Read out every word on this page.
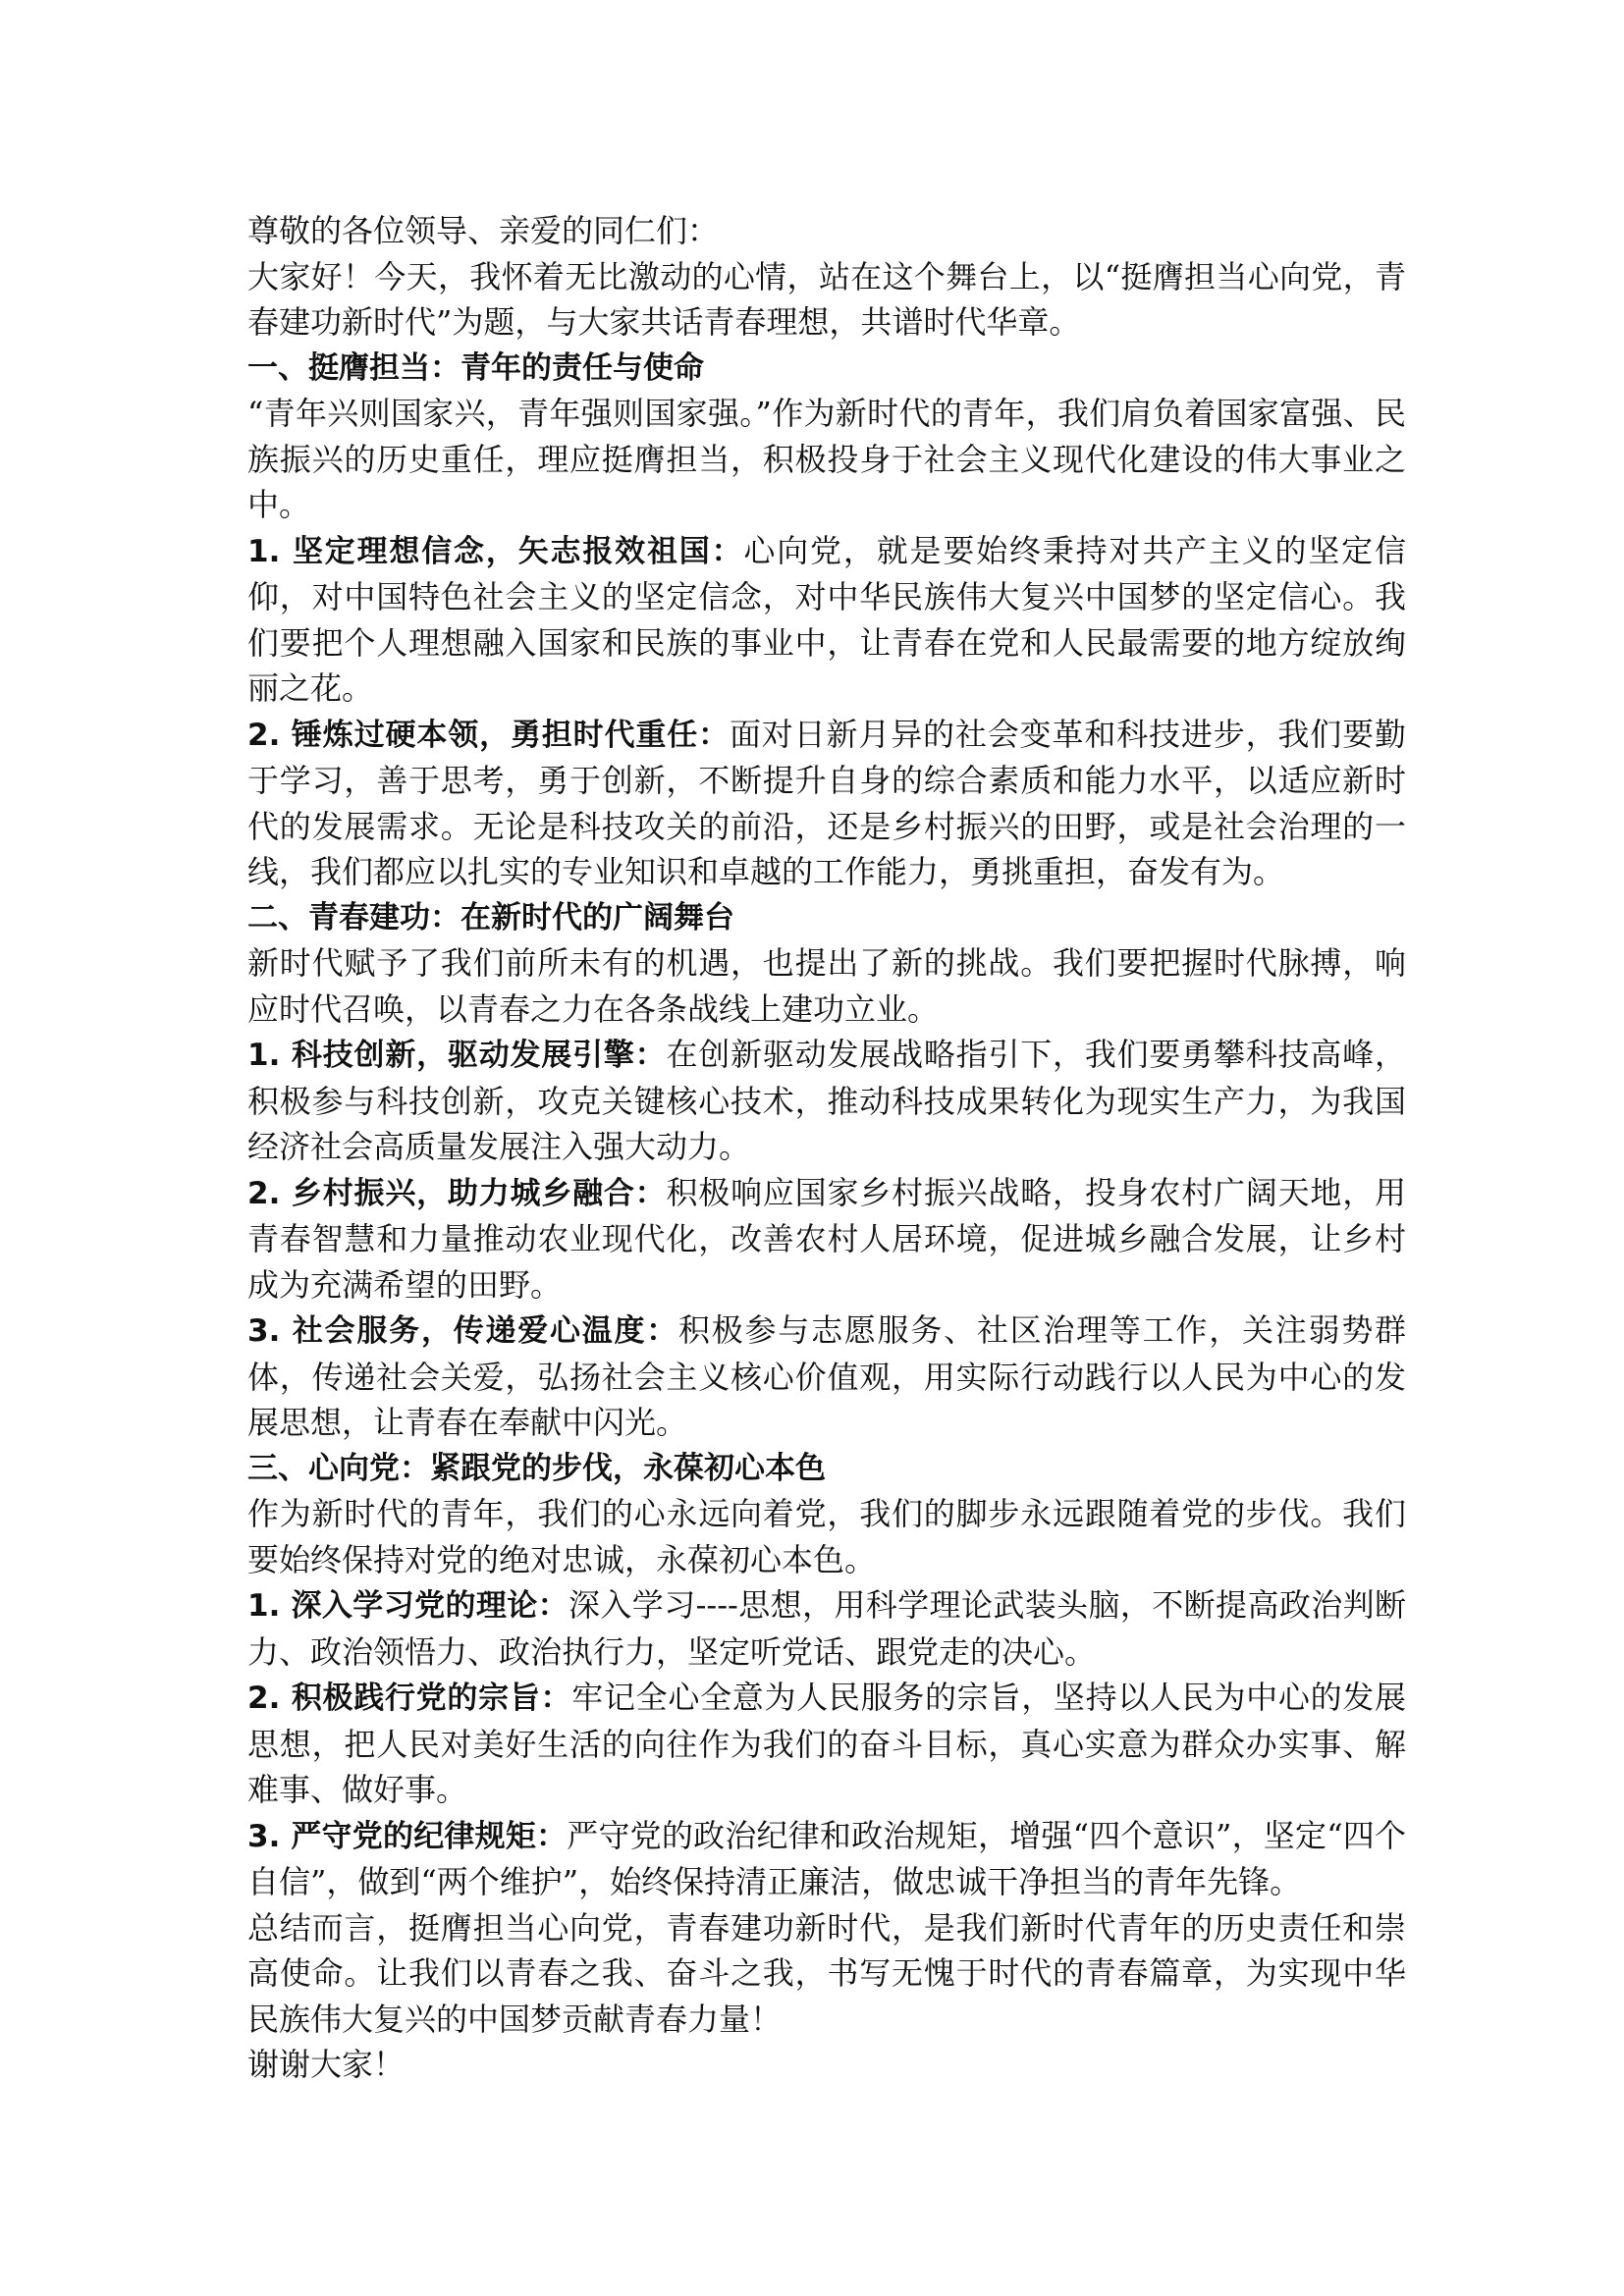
尊敬的各位领导、亲爱的同仁们：

大家好！今天，我怀着无比激动的心情，站在这个舞台上，以“挺膺担当心向党，青春建功新时代”为题，与大家共话青春理想，共谱时代华章。

一、挺膺担当：青年的责任与使命

“青年兴则国家兴，青年强则国家强。”作为新时代的青年，我们肩负着国家富强、民族振兴的历史重任，理应挺膺担当，积极投身于社会主义现代化建设的伟大事业之中。

1. 坚定理想信念，矢志报效祖国：心向党，就是要始终秉持对共产主义的坚定信仰，对中国特色社会主义的坚定信念，对中华民族伟大复兴中国梦的坚定信心。我们要把个人理想融入国家和民族的事业中，让青春在党和人民最需要的地方绽放绚丽之花。

2. 锤炼过硬本领，勇担时代重任：面对日新月异的社会变革和科技进步，我们要勤于学习，善于思考，勇于创新，不断提升自身的综合素质和能力水平，以适应新时代的发展需求。无论是科技攻关的前沿，还是乡村振兴的田野，或是社会治理的一线，我们都应以扎实的专业知识和卓越的工作能力，勇挑重担，奋发有为。

二、青春建功：在新时代的广阔舞台

新时代赋予了我们前所未有的机遇，也提出了新的挑战。我们要把握时代脉搏，响应时代召唤，以青春之力在各条战线上建功立业。

1. 科技创新，驱动发展引擎：在创新驱动发展战略指引下，我们要勇攀科技高峰，积极参与科技创新，攻克关键核心技术，推动科技成果转化为现实生产力，为我国经济社会高质量发展注入强大动力。

2. 乡村振兴，助力城乡融合：积极响应国家乡村振兴战略，投身农村广阔天地，用青春智慧和力量推动农业现代化，改善农村人居环境，促进城乡融合发展，让乡村成为充满希望的田野。

3. 社会服务，传递爱心温度：积极参与志愿服务、社区治理等工作，关注弱势群体，传递社会关爱，弘扬社会主义核心价值观，用实际行动践行以人民为中心的发展思想，让青春在奉献中闪光。

三、心向党：紧跟党的步伐，永葆初心本色

作为新时代的青年，我们的心永远向着党，我们的脚步永远跟随着党的步伐。我们要始终保持对党的绝对忠诚，永葆初心本色。

1. 深入学习党的理论：深入学习----思想，用科学理论武装头脑，不断提高政治判断力、政治领悟力、政治执行力，坚定听党话、跟党走的决心。

2. 积极践行党的宗旨：牢记全心全意为人民服务的宗旨，坚持以人民为中心的发展思想，把人民对美好生活的向往作为我们的奋斗目标，真心实意为群众办实事、解难事、做好事。

3. 严守党的纪律规矩：严守党的政治纪律和政治规矩，增强“四个意识”，坚定“四个自信”，做到“两个维护”，始终保持清正廉洁，做忠诚干净担当的青年先锋。

总结而言，挺膺担当心向党，青春建功新时代，是我们新时代青年的历史责任和崇高使命。让我们以青春之我、奋斗之我，书写无愧于时代的青春篇章，为实现中华民族伟大复兴的中国梦贡献青春力量！

谢谢大家！
